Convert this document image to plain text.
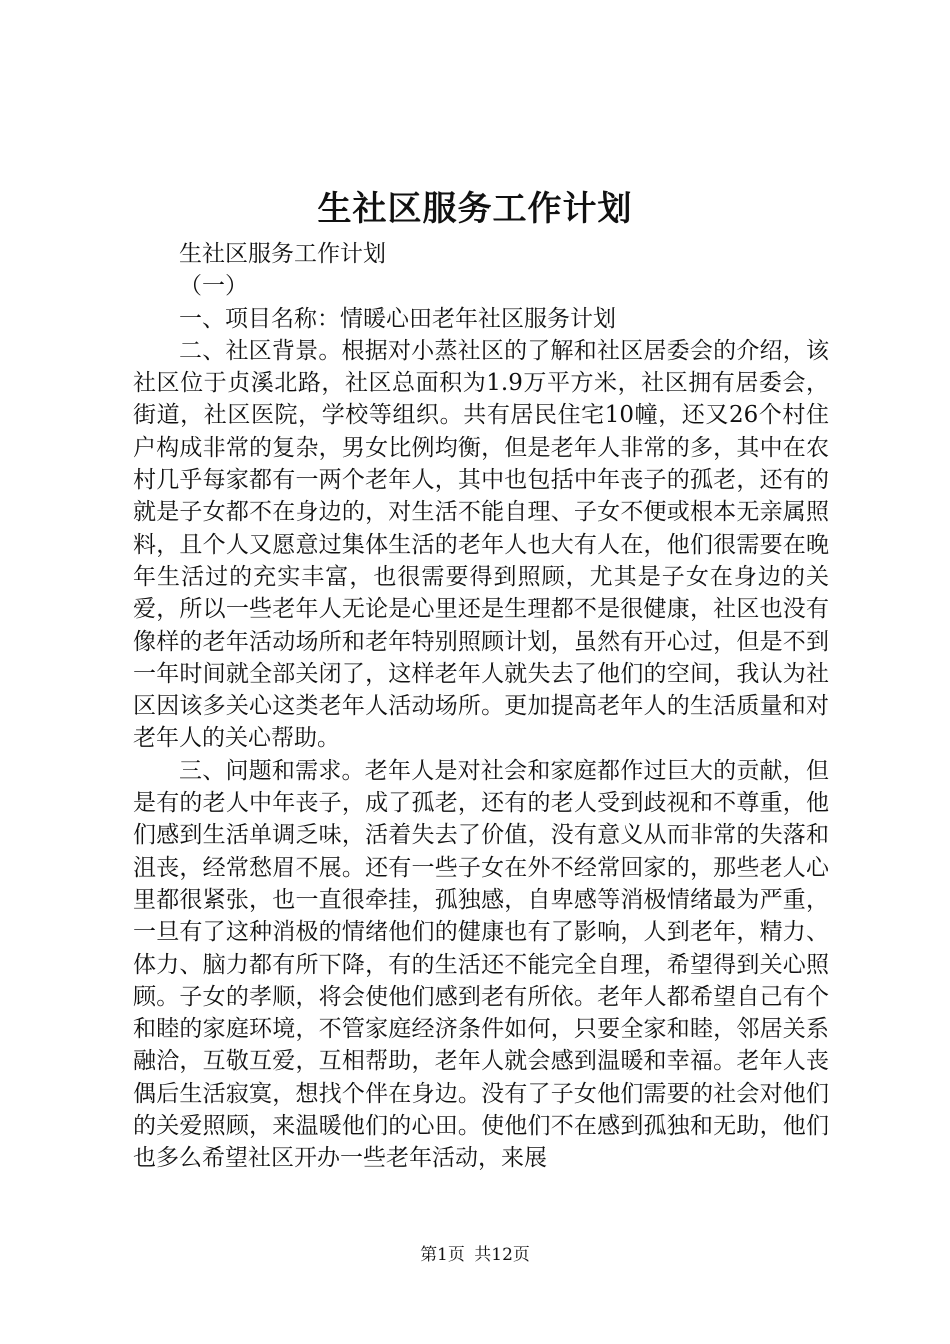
生社区服务工作计划

生社区服务工作计划

（一）

一、项目名称：情暖心田老年社区服务计划

二、社区背景。根据对小蒸社区的了解和社区居委会的介绍，该社区位于贞溪北路，社区总面积为1.9万平方米，社区拥有居委会，街道，社区医院，学校等组织。共有居民住宅10幢，还又26个村住户构成非常的复杂，男女比例均衡，但是老年人非常的多，其中在农村几乎每家都有一两个老年人，其中也包括中年丧子的孤老，还有的就是子女都不在身边的，对生活不能自理、子女不便或根本无亲属照料，且个人又愿意过集体生活的老年人也大有人在，他们很需要在晚年生活过的充实丰富，也很需要得到照顾，尤其是子女在身边的关爱，所以一些老年人无论是心里还是生理都不是很健康，社区也没有像样的老年活动场所和老年特别照顾计划，虽然有开心过，但是不到一年时间就全部关闭了，这样老年人就失去了他们的空间，我认为社区因该多关心这类老年人活动场所。更加提高老年人的生活质量和对老年人的关心帮助。

三、问题和需求。老年人是对社会和家庭都作过巨大的贡献，但是有的老人中年丧子，成了孤老，还有的老人受到歧视和不尊重，他们感到生活单调乏味，活着失去了价值，没有意义从而非常的失落和沮丧，经常愁眉不展。还有一些子女在外不经常回家的，那些老人心里都很紧张，也一直很牵挂，孤独感，自卑感等消极情绪最为严重，一旦有了这种消极的情绪他们的健康也有了影响，人到老年，精力、体力、脑力都有所下降，有的生活还不能完全自理，希望得到关心照顾。子女的孝顺，将会使他们感到老有所依。老年人都希望自己有个和睦的家庭环境，不管家庭经济条件如何，只要全家和睦，邻居关系融洽，互敬互爱，互相帮助，老年人就会感到温暖和幸福。老年人丧偶后生活寂寞，想找个伴在身边。没有了子女他们需要的社会对他们的关爱照顾，来温暖他们的心田。使他们不在感到孤独和无助，他们也多么希望社区开办一些老年活动，来展

第1页 共12页
